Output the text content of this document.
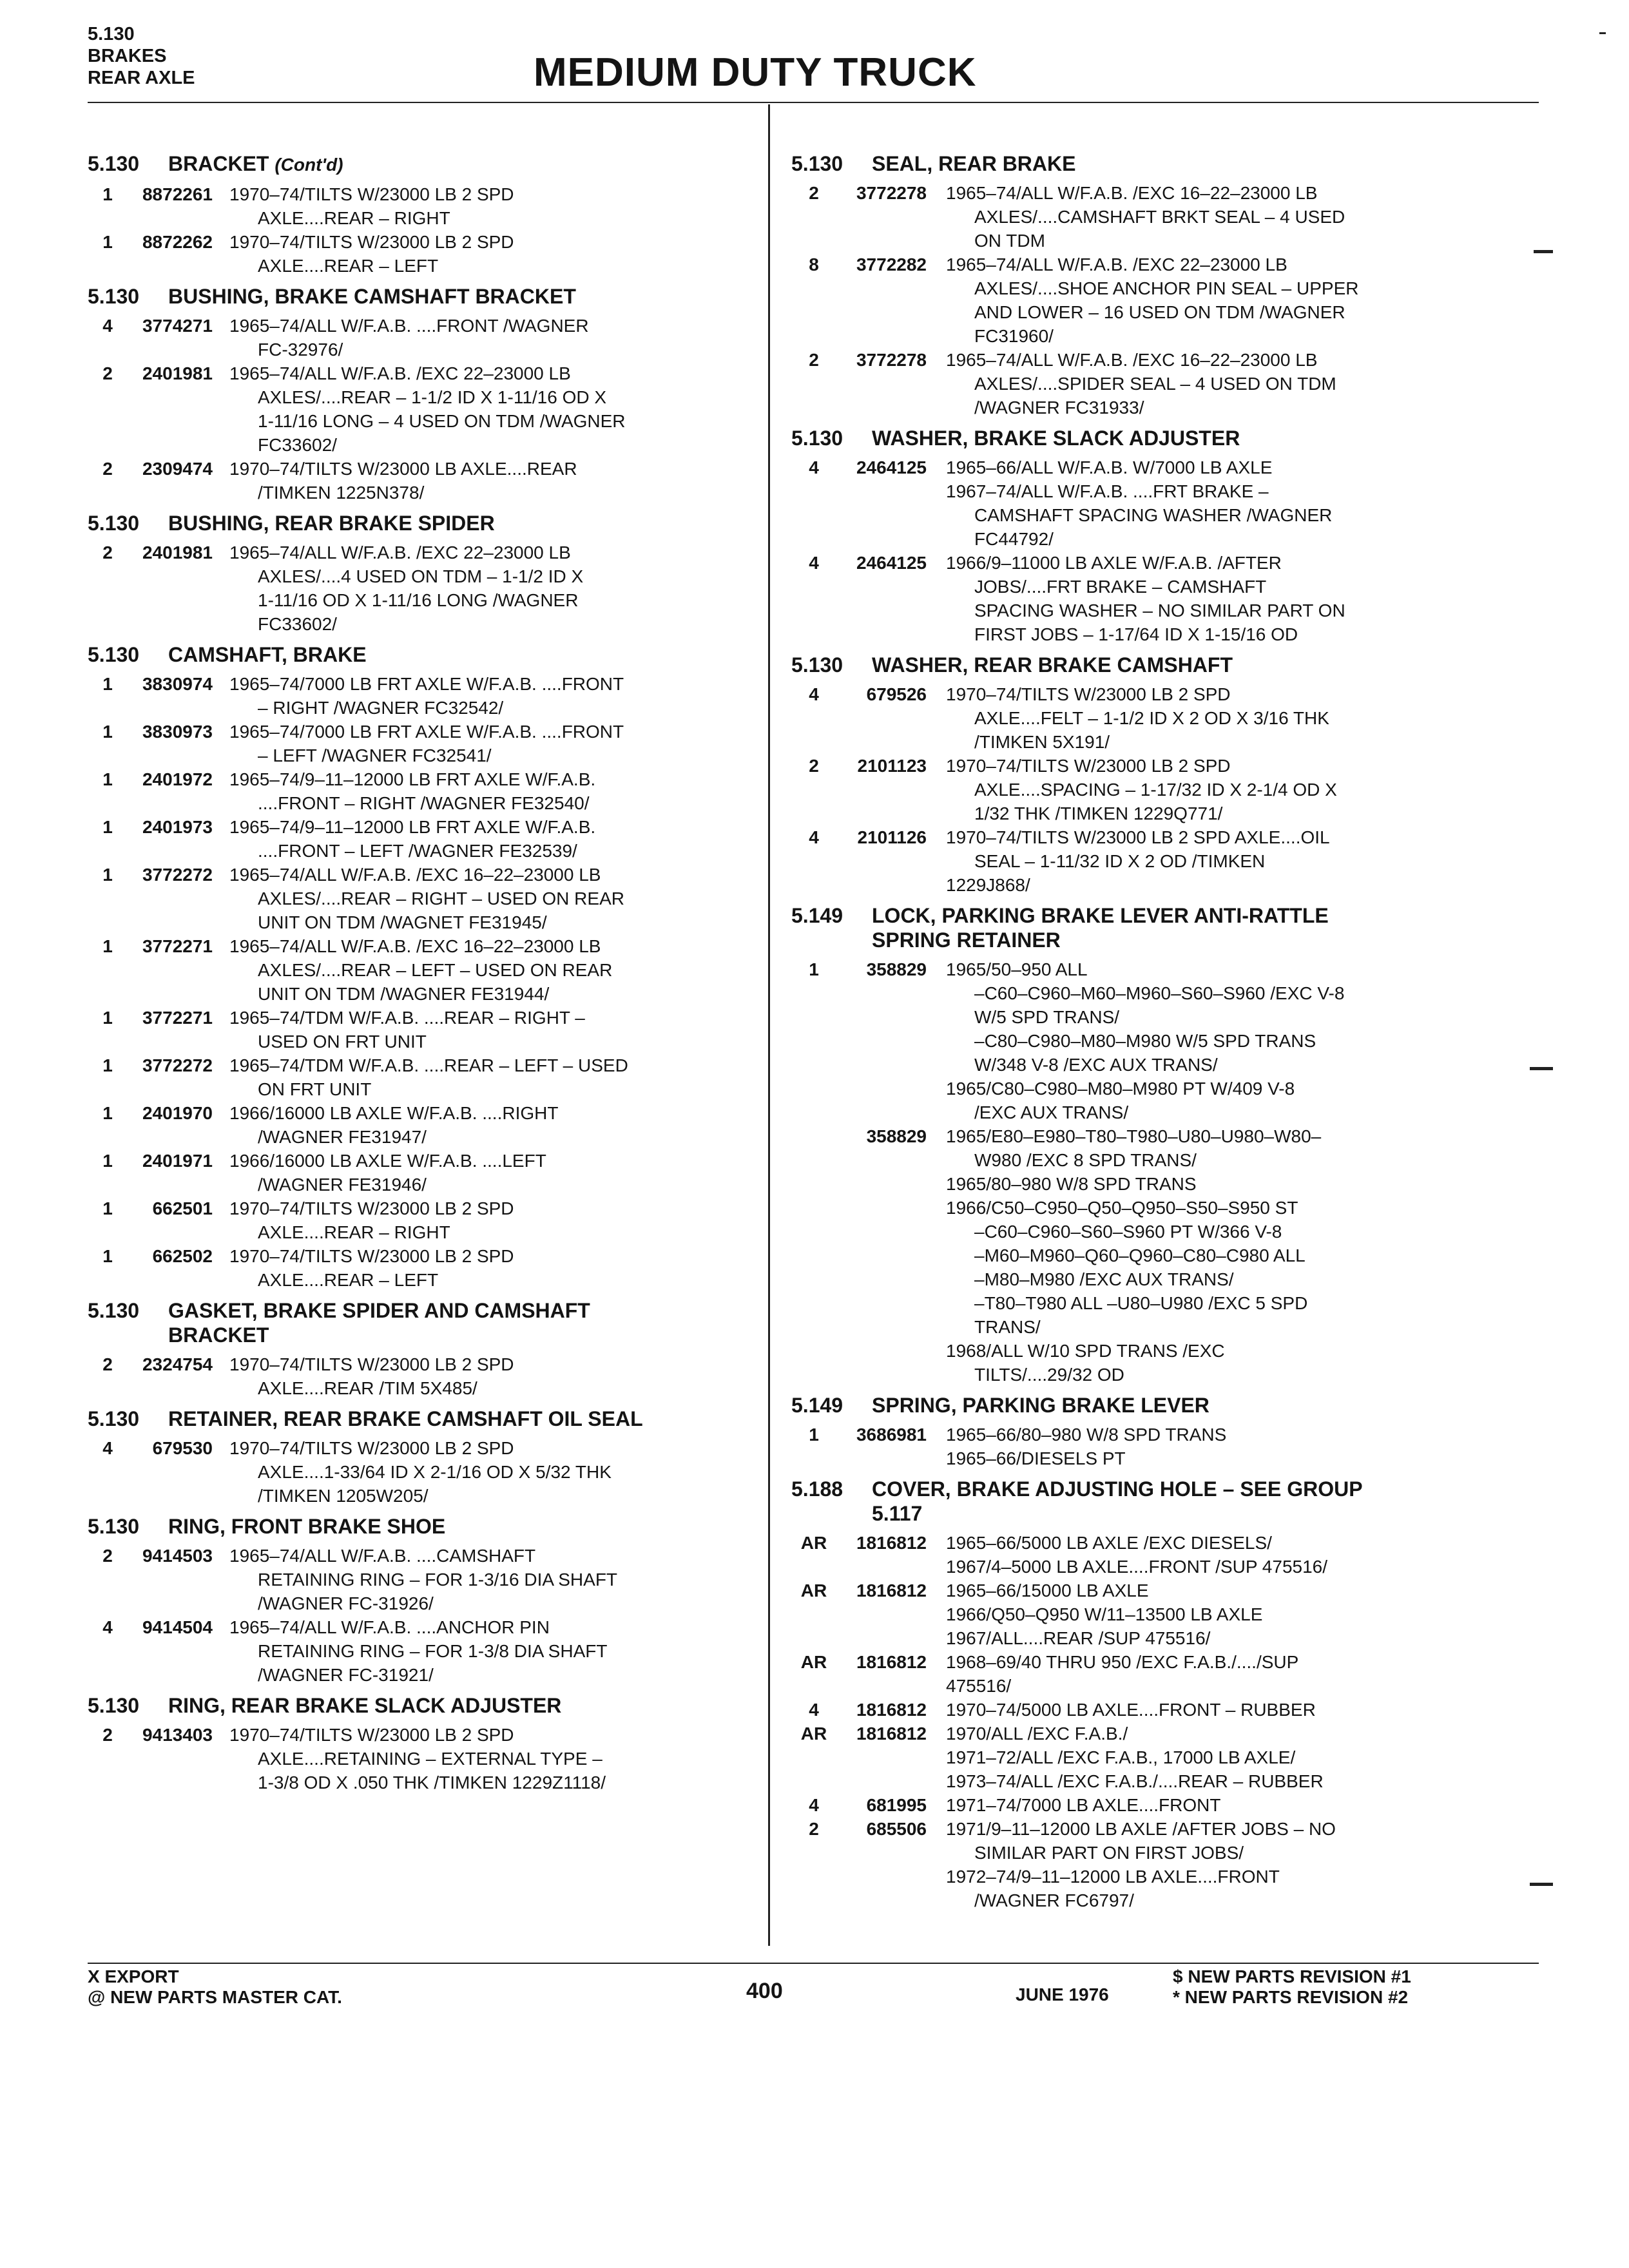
5.130
BRAKES
REAR AXLE	MEDIUM DUTY TRUCK
5.130	BRACKET (Cont'd)
1	8872261 1970–74/TILTS W/23000 LB 2 SPD
AXLE....REAR – RIGHT
1	8872262 1970–74/TILTS W/23000 LB 2 SPD
AXLE....REAR – LEFT
5.130	BUSHING, BRAKE CAMSHAFT BRACKET
4	3774271 1965–74/ALL W/F.A.B. ....FRONT /WAGNER
FC-32976/
2	2401981 1965–74/ALL W/F.A.B. /EXC 22–23000 LB
AXLES/....REAR – 1-1/2 ID X 1-11/16 OD X
1-11/16 LONG – 4 USED ON TDM /WAGNER
FC33602/
2	2309474 1970–74/TILTS W/23000 LB AXLE....REAR
/TIMKEN 1225N378/
5.130	BUSHING, REAR BRAKE SPIDER
2	2401981 1965–74/ALL W/F.A.B. /EXC 22–23000 LB
AXLES/....4 USED ON TDM – 1-1/2 ID X
1-11/16 OD X 1-11/16 LONG /WAGNER
FC33602/
5.130	CAMSHAFT, BRAKE
1	3830974 1965–74/7000 LB FRT AXLE W/F.A.B. ....FRONT
– RIGHT /WAGNER FC32542/
1	3830973 1965–74/7000 LB FRT AXLE W/F.A.B. ....FRONT
– LEFT /WAGNER FC32541/
1	2401972 1965–74/9–11–12000 LB FRT AXLE W/F.A.B.
....FRONT – RIGHT /WAGNER FE32540/
1	2401973 1965–74/9–11–12000 LB FRT AXLE W/F.A.B.
....FRONT – LEFT /WAGNER FE32539/
1	3772272 1965–74/ALL W/F.A.B. /EXC 16–22–23000 LB
AXLES/....REAR – RIGHT – USED ON REAR
UNIT ON TDM /WAGNET FE31945/
1	3772271 1965–74/ALL W/F.A.B. /EXC 16–22–23000 LB
AXLES/....REAR – LEFT – USED ON REAR
UNIT ON TDM /WAGNER FE31944/
1	3772271 1965–74/TDM W/F.A.B. ....REAR – RIGHT –
USED ON FRT UNIT
1	3772272 1965–74/TDM W/F.A.B. ....REAR – LEFT – USED
ON FRT UNIT
1	2401970 1966/16000 LB AXLE W/F.A.B. ....RIGHT
/WAGNER FE31947/
1	2401971 1966/16000 LB AXLE W/F.A.B. ....LEFT
/WAGNER FE31946/
1	662501 1970–74/TILTS W/23000 LB 2 SPD
AXLE....REAR – RIGHT
1	662502 1970–74/TILTS W/23000 LB 2 SPD
AXLE....REAR – LEFT
5.130	GASKET, BRAKE SPIDER AND CAMSHAFT
BRACKET
2	2324754 1970–74/TILTS W/23000 LB 2 SPD
AXLE....REAR /TIM 5X485/
5.130	RETAINER, REAR BRAKE CAMSHAFT OIL SEAL
4	679530 1970–74/TILTS W/23000 LB 2 SPD
AXLE....1-33/64 ID X 2-1/16 OD X 5/32 THK
/TIMKEN 1205W205/
5.130	RING, FRONT BRAKE SHOE
2	9414503 1965–74/ALL W/F.A.B. ....CAMSHAFT
RETAINING RING – FOR 1-3/16 DIA SHAFT
/WAGNER FC-31926/
4	9414504 1965–74/ALL W/F.A.B. ....ANCHOR PIN
RETAINING RING – FOR 1-3/8 DIA SHAFT
/WAGNER FC-31921/
5.130	RING, REAR BRAKE SLACK ADJUSTER
2	9413403 1970–74/TILTS W/23000 LB 2 SPD
AXLE....RETAINING – EXTERNAL TYPE –
1-3/8 OD X .050 THK /TIMKEN 1229Z1118/
5.130	SEAL, REAR BRAKE
2	3772278	1965–74/ALL W/F.A.B. /EXC 16–22–23000 LB
AXLES/....CAMSHAFT BRKT SEAL – 4 USED
ON TDM
8	3772282	1965–74/ALL W/F.A.B. /EXC 22–23000 LB
AXLES/....SHOE ANCHOR PIN SEAL – UPPER
AND LOWER – 16 USED ON TDM /WAGNER
FC31960/
2	3772278	1965–74/ALL W/F.A.B. /EXC 16–22–23000 LB
AXLES/....SPIDER SEAL – 4 USED ON TDM
/WAGNER FC31933/
5.130	WASHER, BRAKE SLACK ADJUSTER
4	2464125	1965–66/ALL W/F.A.B. W/7000 LB AXLE
1967–74/ALL W/F.A.B. ....FRT BRAKE –
CAMSHAFT SPACING WASHER /WAGNER
FC44792/
4	2464125	1966/9–11000 LB AXLE W/F.A.B. /AFTER
JOBS/....FRT BRAKE – CAMSHAFT
SPACING WASHER – NO SIMILAR PART ON
FIRST JOBS – 1-17/64 ID X 1-15/16 OD
5.130	WASHER, REAR BRAKE CAMSHAFT
4	679526	1970–74/TILTS W/23000 LB 2 SPD
AXLE....FELT – 1-1/2 ID X 2 OD X 3/16 THK
/TIMKEN 5X191/
2	2101123	1970–74/TILTS W/23000 LB 2 SPD
AXLE....SPACING – 1-17/32 ID X 2-1/4 OD X
1/32 THK /TIMKEN 1229Q771/
4	2101126	1970–74/TILTS W/23000 LB 2 SPD AXLE....OIL
SEAL – 1-11/32 ID X 2 OD /TIMKEN
1229J868/
5.149	LOCK, PARKING BRAKE LEVER ANTI-RATTLE
SPRING RETAINER
1	358829	1965/50–950 ALL
–C60–C960–M60–M960–S60–S960 /EXC V-8
W/5 SPD TRANS/
–C80–C980–M80–M980 W/5 SPD TRANS
W/348 V-8 /EXC AUX TRANS/
1965/C80–C980–M80–M980 PT W/409 V-8
/EXC AUX TRANS/
358829	1965/E80–E980–T80–T980–U80–U980–W80–
W980 /EXC 8 SPD TRANS/
1965/80–980 W/8 SPD TRANS
1966/C50–C950–Q50–Q950–S50–S950 ST
–C60–C960–S60–S960 PT W/366 V-8
–M60–M960–Q60–Q960–C80–C980 ALL
–M80–M980 /EXC AUX TRANS/
–T80–T980 ALL –U80–U980 /EXC 5 SPD
TRANS/
1968/ALL W/10 SPD TRANS /EXC
TILTS/....29/32 OD
5.149	SPRING, PARKING BRAKE LEVER
1	3686981	1965–66/80–980 W/8 SPD TRANS
1965–66/DIESELS PT
5.188	COVER, BRAKE ADJUSTING HOLE – SEE GROUP
5.117
AR	1816812	1965–66/5000 LB AXLE /EXC DIESELS/
1967/4–5000 LB AXLE....FRONT /SUP 475516/
AR	1816812	1965–66/15000 LB AXLE
1966/Q50–Q950 W/11–13500 LB AXLE
1967/ALL....REAR /SUP 475516/
AR	1816812	1968–69/40 THRU 950 /EXC F.A.B./..../SUP
475516/
4	1816812	1970–74/5000 LB AXLE....FRONT – RUBBER
AR	1816812	1970/ALL /EXC F.A.B./
1971–72/ALL /EXC F.A.B., 17000 LB AXLE/
1973–74/ALL /EXC F.A.B./....REAR – RUBBER
4	681995	1971–74/7000 LB AXLE....FRONT
2	685506	1971/9–11–12000 LB AXLE /AFTER JOBS – NO
SIMILAR PART ON FIRST JOBS/
1972–74/9–11–12000 LB AXLE....FRONT
/WAGNER FC6797/
X EXPORT
@ NEW PARTS MASTER CAT.	400	JUNE 1976
$ NEW PARTS REVISION #1
* NEW PARTS REVISION #2
